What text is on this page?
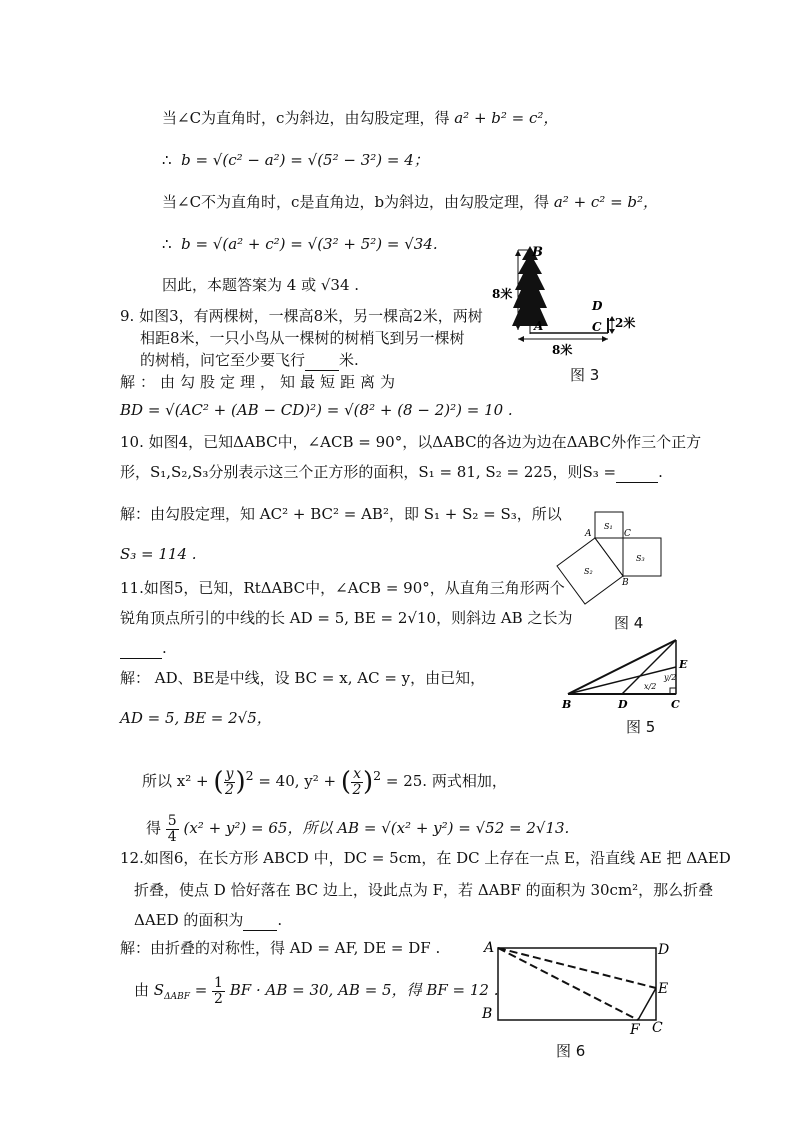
当∠C为直角时，c为斜边，由勾股定理，得 a² + b² = c²，
∴ b = √(c² − a²) = √(5² − 3²) = 4；
当∠C不为直角时，c是直角边，b为斜边，由勾股定理，得 a² + c² = b²，
∴ b = √(a² + c²) = √(3² + 5²) = √34.
因此，本题答案为 4 或 √34 .
9. 如图3，有两棵树，一棵高8米，另一棵高2米，两树
相距8米，一只小鸟从一棵树的树梢飞到另一棵树
的树梢，问它至少要飞行 米.
解：由勾股定理，知最短距离为
BD = √(AC² + (AB − CD)²) = √(8² + (8 − 2)²) = 10 .
10. 如图4，已知ΔABC中，∠ACB = 90°，以ΔABC的各边为边在ΔABC外作三个正方
形，S₁,S₂,S₃分别表示这三个正方形的面积，S₁ = 81, S₂ = 225，则S₃ =	.
解：由勾股定理，知 AC² + BC² = AB²，即 S₁ + S₂ = S₃，所以
S₃ = 114 .
11.如图5，已知，RtΔABC中，∠ACB = 90°，从直角三角形两个
锐角顶点所引的中线的长 AD = 5, BE = 2√10，则斜边 AB 之长为
.
解： AD、BE是中线，设 BC = x, AC = y，由已知，
AD = 5, BE = 2√5，
所以 x² + ( $\frac{y}{2} )^2 = 40$, y² + ( $\frac{x}{2} )^2 = 25$. 两式相加，
得 $\frac{5}{4} (x^2 + y^2) = 65$，所以 AB = √(x² + y²) = √52 = 2√13.
12.如图6，在长方形 ABCD 中，DC = 5cm，在 DC 上存在一点 E，沿直线 AE 把 ΔAED
折叠，使点 D 恰好落在 BC 边上，设此点为 F，若 ΔABF 的面积为 30cm²，那么折叠
ΔAED 的面积为 .
解：由折叠的对称性，得 AD = AF, DE = DF .
由 $S_{\Delta ABF} = \frac{1}{2}$ BF · AB = 30, AB = 5，得 BF = 12 .
B
A	C
D
8米
2米
8米
图 3
A	C
B
S₁
S₃
S₂
图 4
B	D	C
E
x/2
y/2
图 5
A	D
B
C
E
F
图 6
